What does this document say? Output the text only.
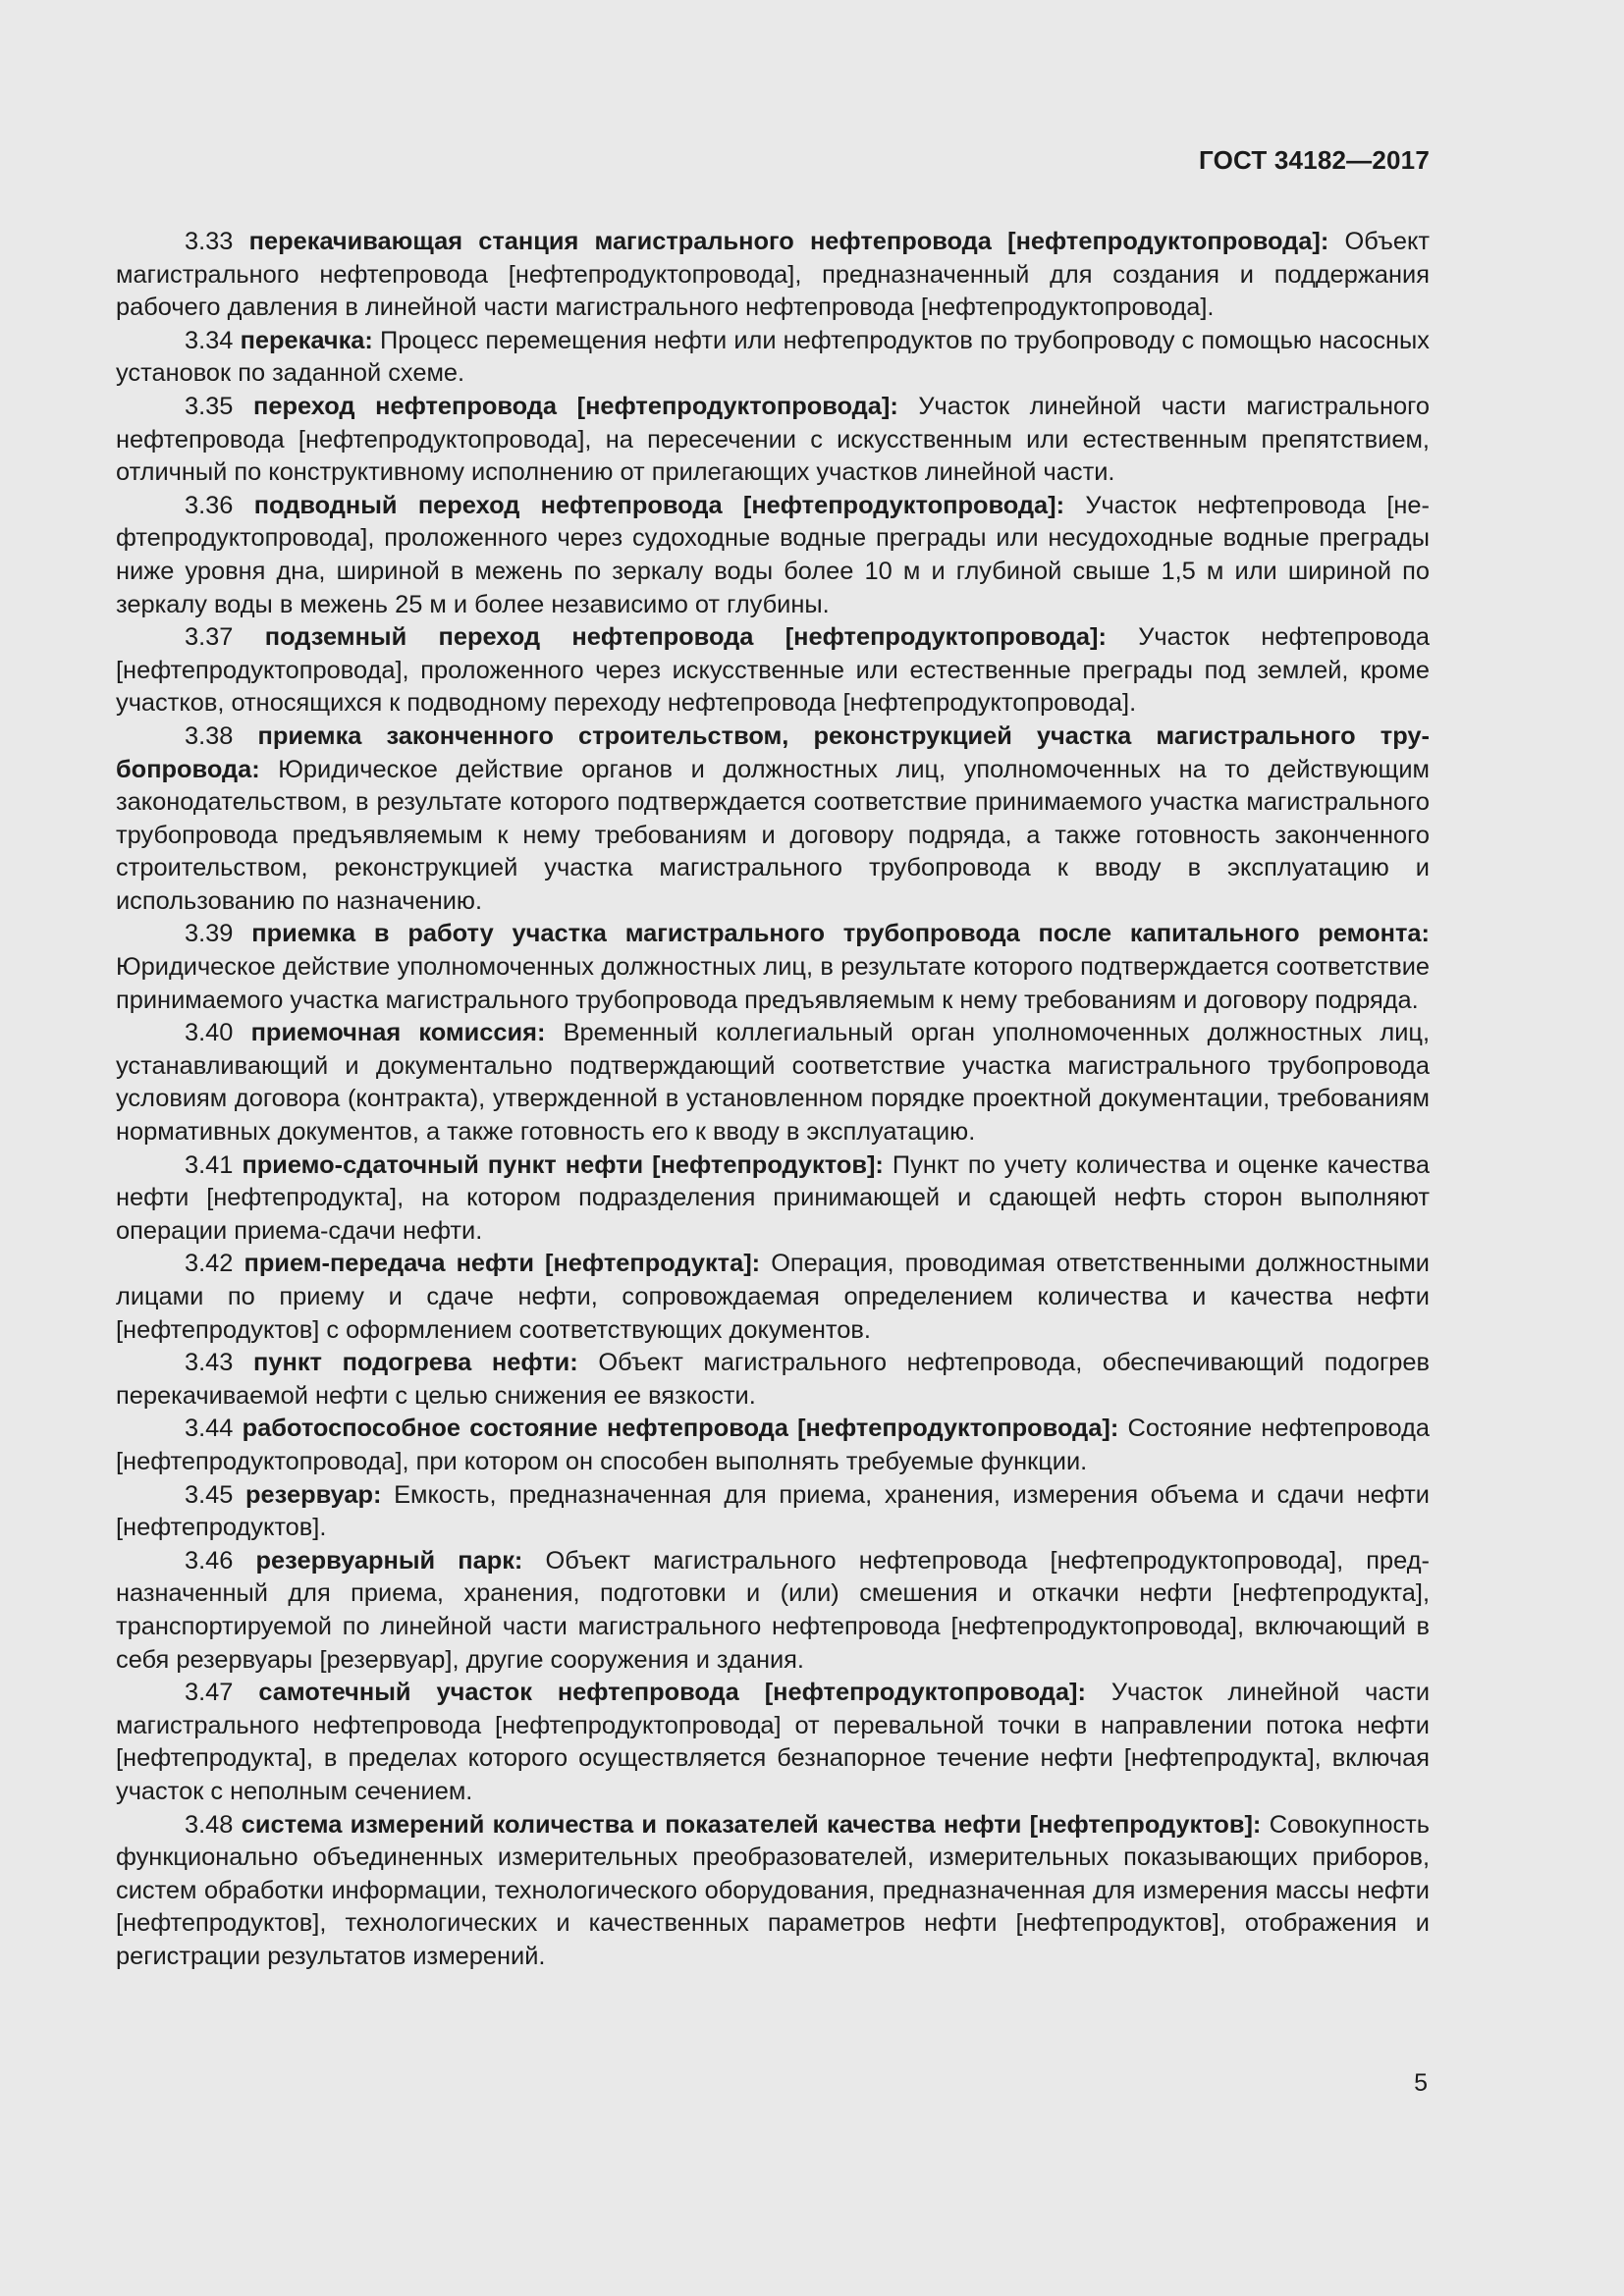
ГОСТ 34182—2017

3.33 перекачивающая станция магистрального нефтепровода [нефтепродуктопровода]: Объект магистрального нефтепровода [нефтепродуктопровода], предназначенный для создания и поддержания рабочего давления в линейной части магистрального нефтепровода [нефтепродуктопровода].

3.34 перекачка: Процесс перемещения нефти или нефтепродуктов по трубопроводу с помощью насосных установок по заданной схеме.

3.35 переход нефтепровода [нефтепродуктопровода]: Участок линейной части магистрального нефтепровода [нефтепродуктопровода], на пересечении с искусственным или естественным препятствием, отличный по конструктивному исполнению от прилегающих участков линейной части.

3.36 подводный переход нефтепровода [нефтепродуктопровода]: Участок нефтепровода [нефтепродуктопровода], проложенного через судоходные водные преграды или несудоходные водные преграды ниже уровня дна, шириной в межень по зеркалу воды более 10 м и глубиной свыше 1,5 м или шириной по зеркалу воды в межень 25 м и более независимо от глубины.

3.37 подземный переход нефтепровода [нефтепродуктопровода]: Участок нефтепровода [нефтепродуктопровода], проложенного через искусственные или естественные преграды под землей, кроме участков, относящихся к подводному переходу нефтепровода [нефтепродуктопровода].

3.38 приемка законченного строительством, реконструкцией участка магистрального трубопровода: Юридическое действие органов и должностных лиц, уполномоченных на то действующим законодательством, в результате которого подтверждается соответствие принимаемого участка магистрального трубопровода предъявляемым к нему требованиям и договору подряда, а также готовность законченного строительством, реконструкцией участка магистрального трубопровода к вводу в эксплуатацию и использованию по назначению.

3.39 приемка в работу участка магистрального трубопровода после капитального ремонта: Юридическое действие уполномоченных должностных лиц, в результате которого подтверждается соответствие принимаемого участка магистрального трубопровода предъявляемым к нему требованиям и договору подряда.

3.40 приемочная комиссия: Временный коллегиальный орган уполномоченных должностных лиц, устанавливающий и документально подтверждающий соответствие участка магистрального трубопровода условиям договора (контракта), утвержденной в установленном порядке проектной документации, требованиям нормативных документов, а также готовность его к вводу в эксплуатацию.

3.41 приемо-сдаточный пункт нефти [нефтепродуктов]: Пункт по учету количества и оценке качества нефти [нефтепродукта], на котором подразделения принимающей и сдающей нефть сторон выполняют операции приема-сдачи нефти.

3.42 прием-передача нефти [нефтепродукта]: Операция, проводимая ответственными должностными лицами по приему и сдаче нефти, сопровождаемая определением количества и качества нефти [нефтепродуктов] с оформлением соответствующих документов.

3.43 пункт подогрева нефти: Объект магистрального нефтепровода, обеспечивающий подогрев перекачиваемой нефти с целью снижения ее вязкости.

3.44 работоспособное состояние нефтепровода [нефтепродуктопровода]: Состояние нефтепровода [нефтепродуктопровода], при котором он способен выполнять требуемые функции.

3.45 резервуар: Емкость, предназначенная для приема, хранения, измерения объема и сдачи нефти [нефтепродуктов].

3.46 резервуарный парк: Объект магистрального нефтепровода [нефтепродуктопровода], предназначенный для приема, хранения, подготовки и (или) смешения и откачки нефти [нефтепродукта], транспортируемой по линейной части магистрального нефтепровода [нефтепродуктопровода], включающий в себя резервуары [резервуар], другие сооружения и здания.

3.47 самотечный участок нефтепровода [нефтепродуктопровода]: Участок линейной части магистрального нефтепровода [нефтепродуктопровода] от перевальной точки в направлении потока нефти [нефтепродукта], в пределах которого осуществляется безнапорное течение нефти [нефтепродукта], включая участок с неполным сечением.

3.48 система измерений количества и показателей качества нефти [нефтепродуктов]: Совокупность функционально объединенных измерительных преобразователей, измерительных показывающих приборов, систем обработки информации, технологического оборудования, предназначенная для измерения массы нефти [нефтепродуктов], технологических и качественных параметров нефти [нефтепродуктов], отображения и регистрации результатов измерений.

5
